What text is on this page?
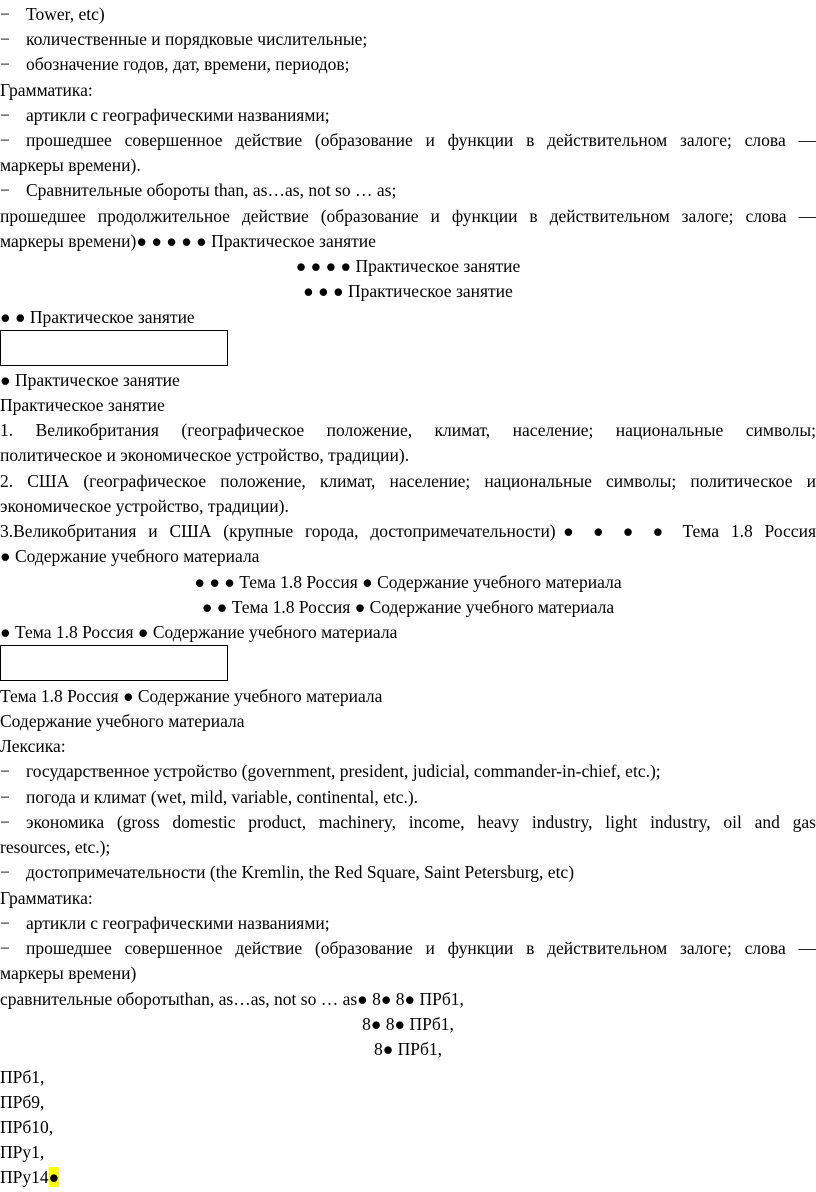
− Tower, etc)
− количественные и порядковые числительные;
− обозначение годов, дат, времени, периодов;
Грамматика:
− артикли с географическими названиями;
− прошедшее совершенное действие (образование и функции в действительном залоге; слова —
маркеры времени).
− Сравнительные обороты than, as…as, not so … as;
прошедшее продолжительное действие (образование и функции в действительном залоге; слова —
маркеры времени)● ● ● ● ● Практическое занятие
● ● ● ● Практическое занятие
● ● ● Практическое занятие
● ● Практическое занятие
● Практическое занятие
Практическое занятие
1. Великобритания (географическое положение, климат, население; национальные символы;
политическое и экономическое устройство, традиции).
2. США (географическое положение, климат, население; национальные символы; политическое и
экономическое устройство, традиции).
3.Великобритания и США (крупные города, достопримечательности)● ● ● ● Тема 1.8 Россия
● Содержание учебного материала
● ● ● Тема 1.8 Россия ● Содержание учебного материала
● ● Тема 1.8 Россия ● Содержание учебного материала
● Тема 1.8 Россия ● Содержание учебного материала
Тема 1.8 Россия ● Содержание учебного материала
Содержание учебного материала
Лексика:
− государственное устройство (government, president, judicial, commander-in-chief, etc.);
− погода и климат (wet, mild, variable, continental, etc.).
− экономика (gross domestic product, machinery, income, heavy industry, light industry, oil and gas
resources, etc.);
− достопримечательности (the Kremlin, the Red Square, Saint Petersburg, etc)
Грамматика:
− артикли с географическими названиями;
− прошедшее совершенное действие (образование и функции в действительном залоге; слова —
маркеры времени)
сравнительные оборотыthan, as…as, not so … as● 8● 8● ПРб1,
8● 8● ПРб1,
8● ПРб1,
ПРб1,
ПРб9,
ПРб10,
ПРу1,
ПРу14●
